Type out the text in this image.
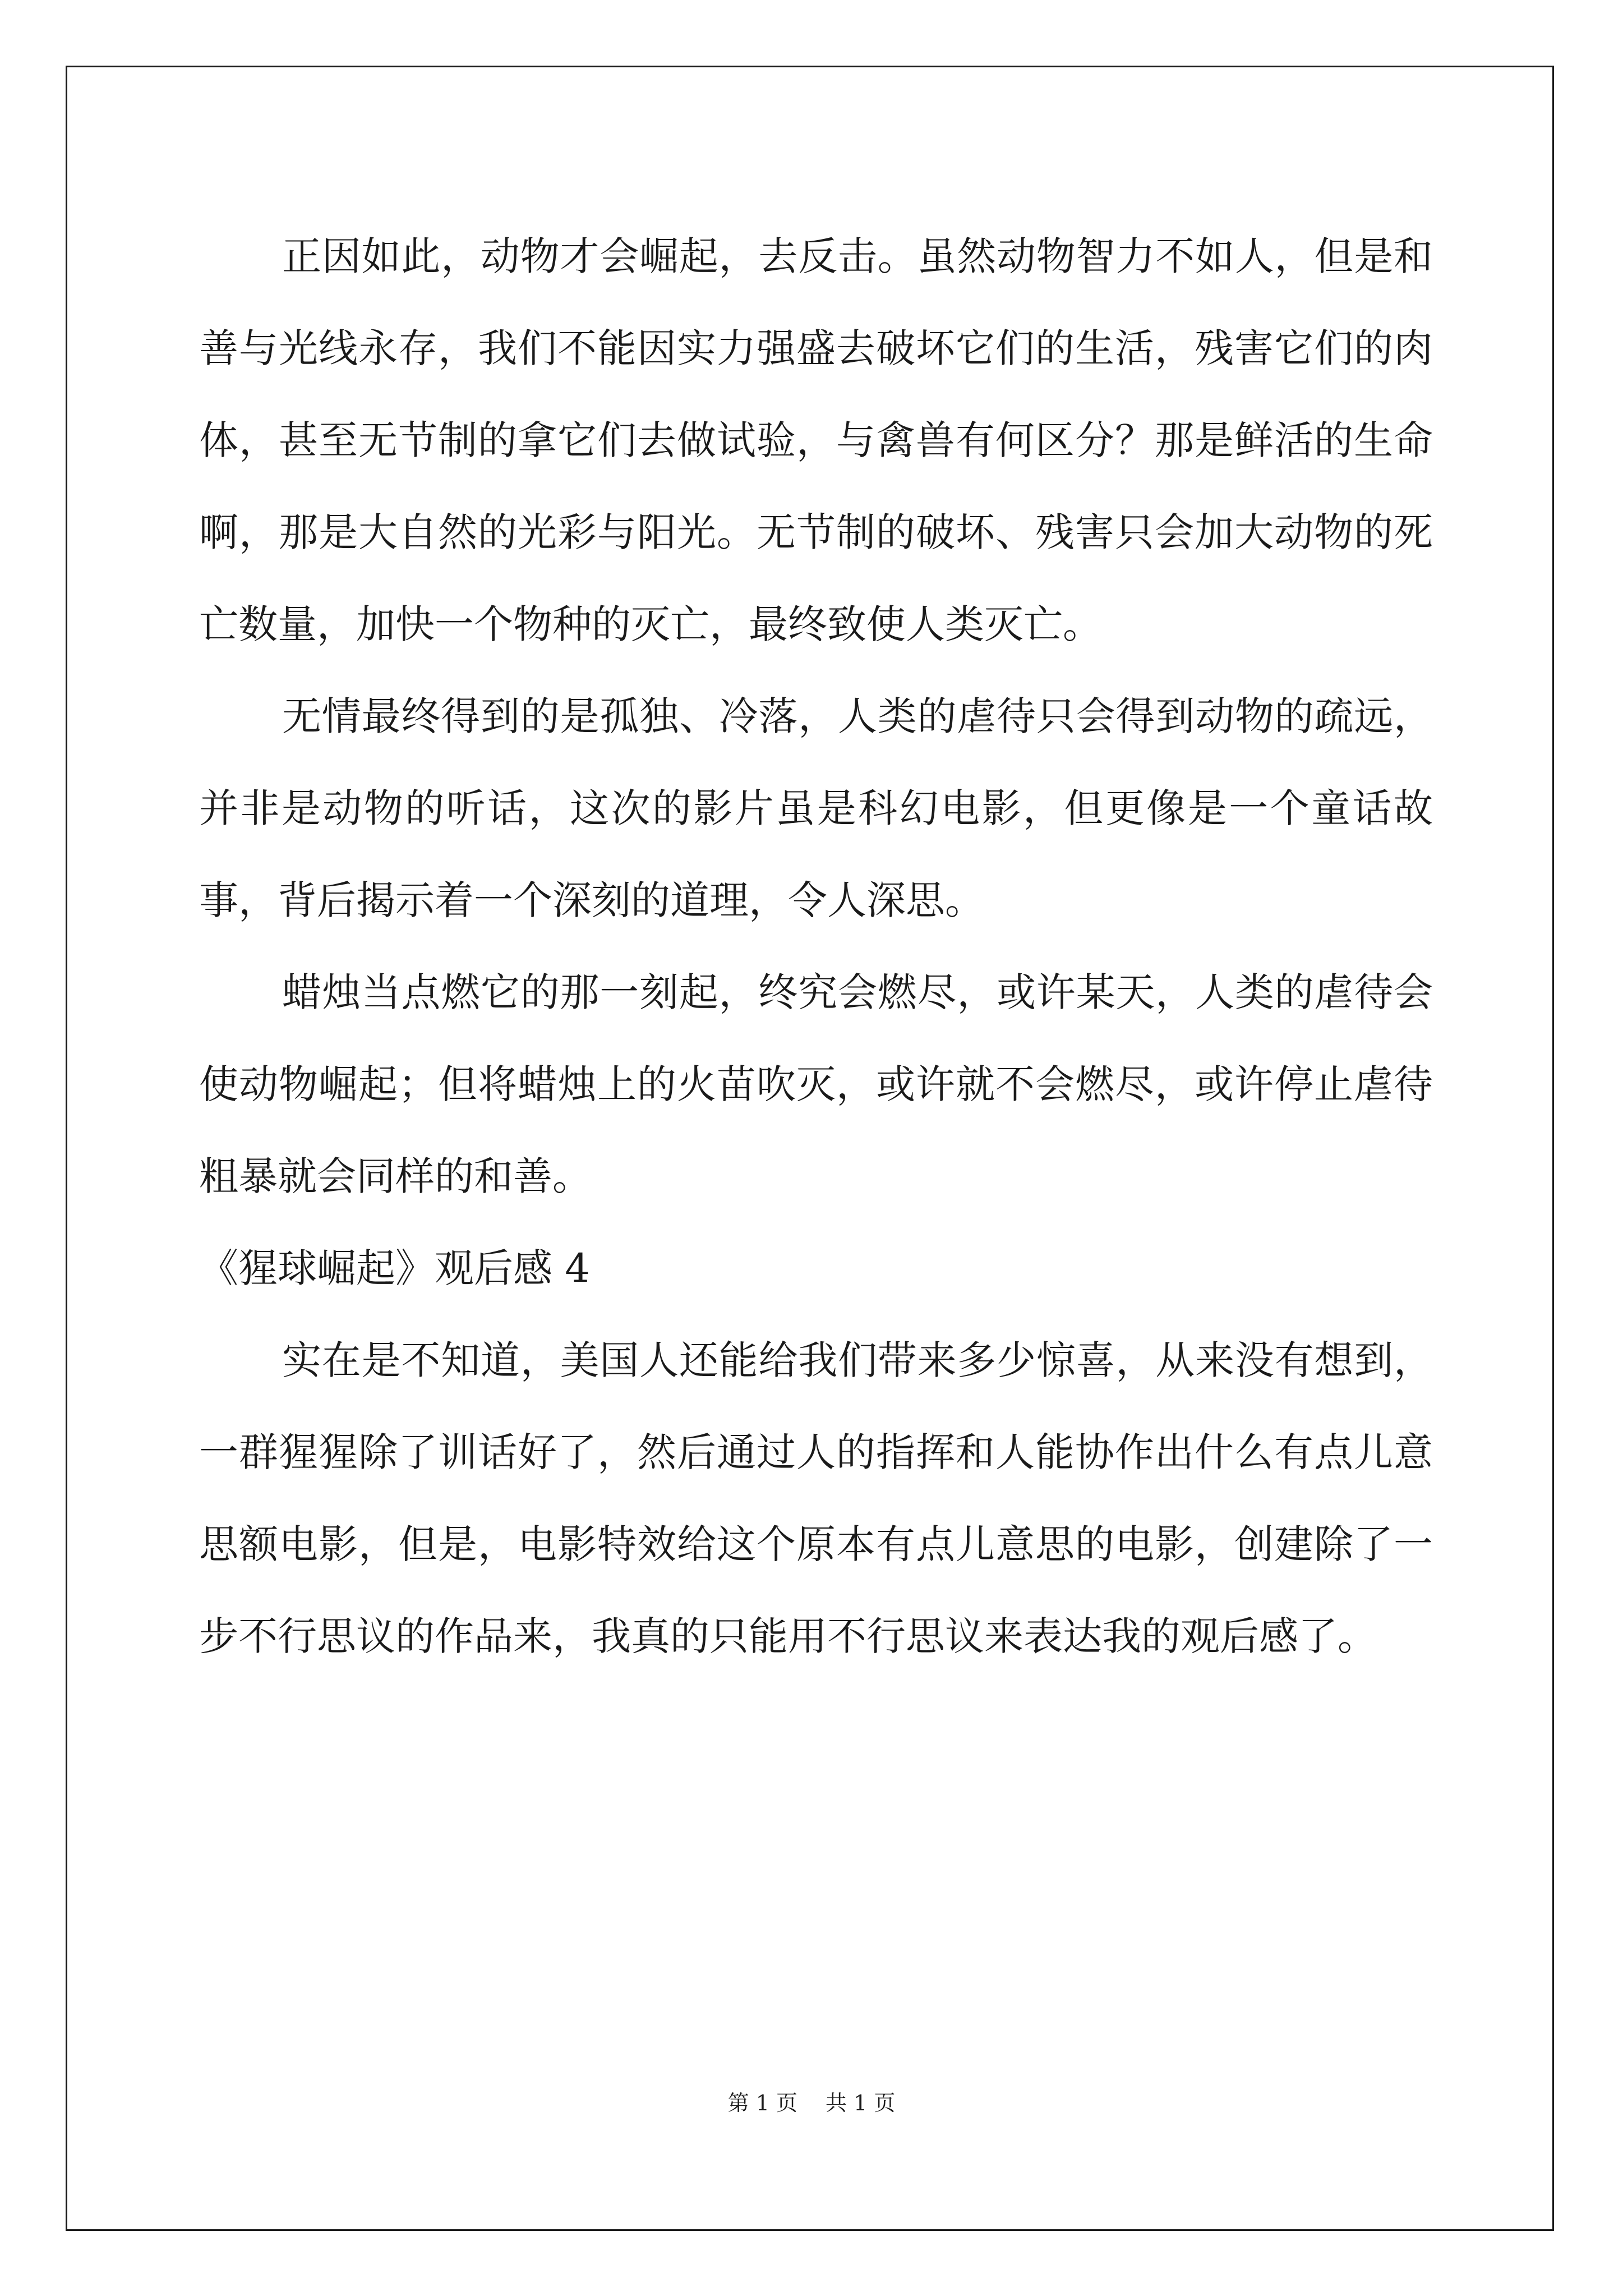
正因如此，动物才会崛起，去反击。虽然动物智力不如人，但是和善与光线永存，我们不能因实力强盛去破坏它们的生活，残害它们的肉体，甚至无节制的拿它们去做试验，与禽兽有何区分？那是鲜活的生命啊，那是大自然的光彩与阳光。无节制的破坏、残害只会加大动物的死亡数量，加快一个物种的灭亡，最终致使人类灭亡。

无情最终得到的是孤独、冷落，人类的虐待只会得到动物的疏远，并非是动物的听话，这次的影片虽是科幻电影，但更像是一个童话故事，背后揭示着一个深刻的道理，令人深思。

蜡烛当点燃它的那一刻起，终究会燃尽，或许某天，人类的虐待会使动物崛起；但将蜡烛上的火苗吹灭，或许就不会燃尽，或许停止虐待粗暴就会同样的和善。

《猩球崛起》观后感 4

实在是不知道，美国人还能给我们带来多少惊喜，从来没有想到，一群猩猩除了训话好了，然后通过人的指挥和人能协作出什么有点儿意思额电影，但是，电影特效给这个原本有点儿意思的电影，创建除了一步不行思议的作品来，我真的只能用不行思议来表达我的观后感了。

第 1 页 共 1 页
